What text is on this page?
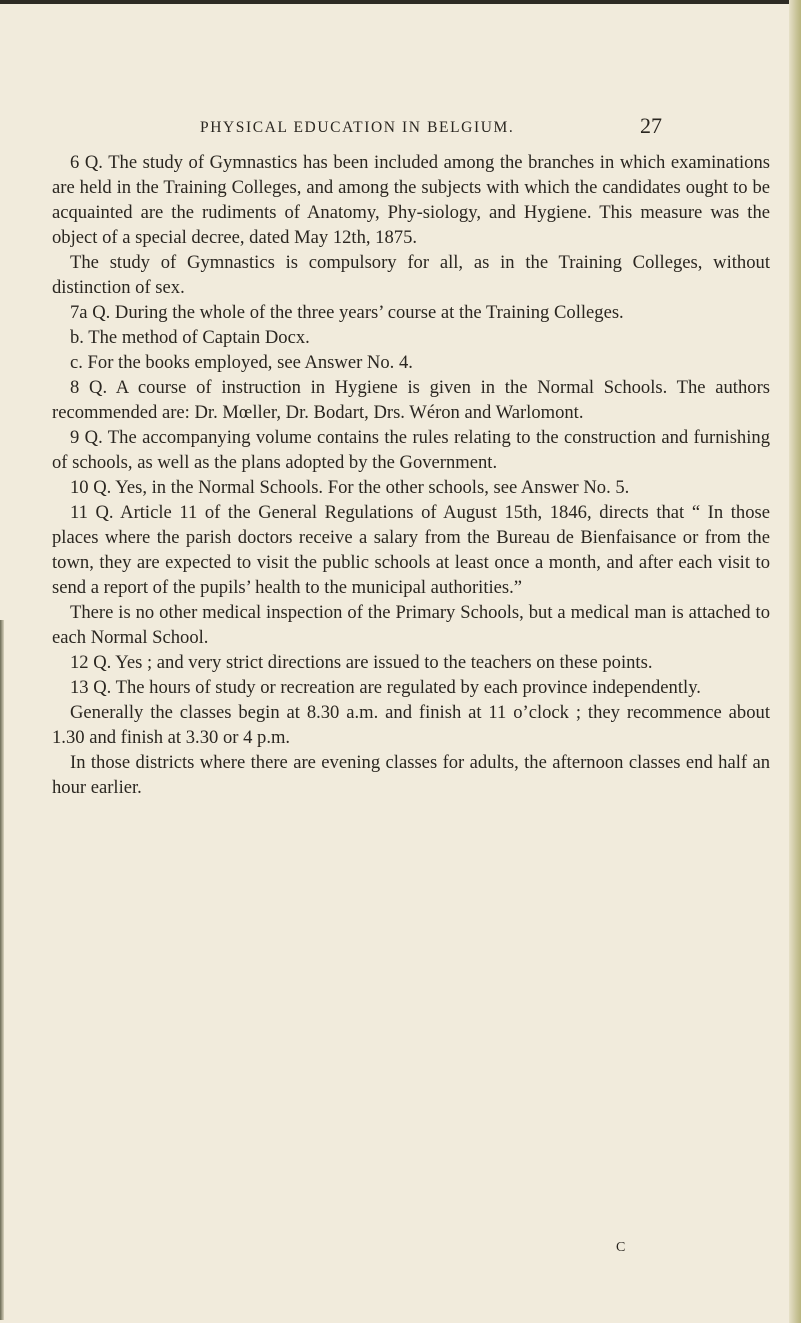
PHYSICAL EDUCATION IN BELGIUM.	27

6 Q. The study of Gymnastics has been included among the branches in which examinations are held in the Training Colleges, and among the subjects with which the candidates ought to be acquainted are the rudiments of Anatomy, Phy-siology, and Hygiene. This measure was the object of a special decree, dated May 12th, 1875.

The study of Gymnastics is compulsory for all, as in the Training Colleges, without distinction of sex.

7a Q. During the whole of the three years’ course at the Training Colleges.

b. The method of Captain Docx.

c. For the books employed, see Answer No. 4.

8 Q. A course of instruction in Hygiene is given in the Normal Schools. The authors recommended are: Dr. Mœller, Dr. Bodart, Drs. Wéron and Warlomont.

9 Q. The accompanying volume contains the rules relating to the construction and furnishing of schools, as well as the plans adopted by the Government.

10 Q. Yes, in the Normal Schools. For the other schools, see Answer No. 5.

11 Q. Article 11 of the General Regulations of August 15th, 1846, directs that “ In those places where the parish doctors receive a salary from the Bureau de Bienfaisance or from the town, they are expected to visit the public schools at least once a month, and after each visit to send a report of the pupils’ health to the municipal authorities.”

There is no other medical inspection of the Primary Schools, but a medical man is attached to each Normal School.

12 Q. Yes ; and very strict directions are issued to the teachers on these points.

13 Q. The hours of study or recreation are regulated by each province independently.

Generally the classes begin at 8.30 a.m. and finish at 11 o’clock ; they recommence about 1.30 and finish at 3.30 or 4 p.m.

In those districts where there are evening classes for adults, the afternoon classes end half an hour earlier.

C
